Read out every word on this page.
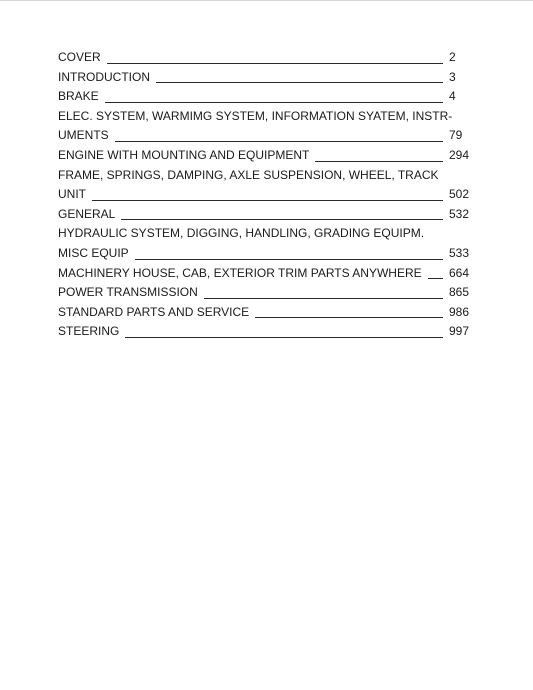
COVER	2
INTRODUCTION	3
BRAKE	4
ELEC. SYSTEM, WARMIMG SYSTEM, INFORMATION SYATEM, INSTR-
UMENTS	79
ENGINE WITH MOUNTING AND EQUIPMENT	294
FRAME, SPRINGS, DAMPING, AXLE SUSPENSION, WHEEL, TRACK
UNIT	502
GENERAL	532
HYDRAULIC SYSTEM, DIGGING, HANDLING, GRADING EQUIPM.
MISC EQUIP	533
MACHINERY HOUSE, CAB, EXTERIOR TRIM PARTS ANYWHERE 664
POWER TRANSMISSION	865
STANDARD PARTS AND SERVICE	986
STEERING	997
